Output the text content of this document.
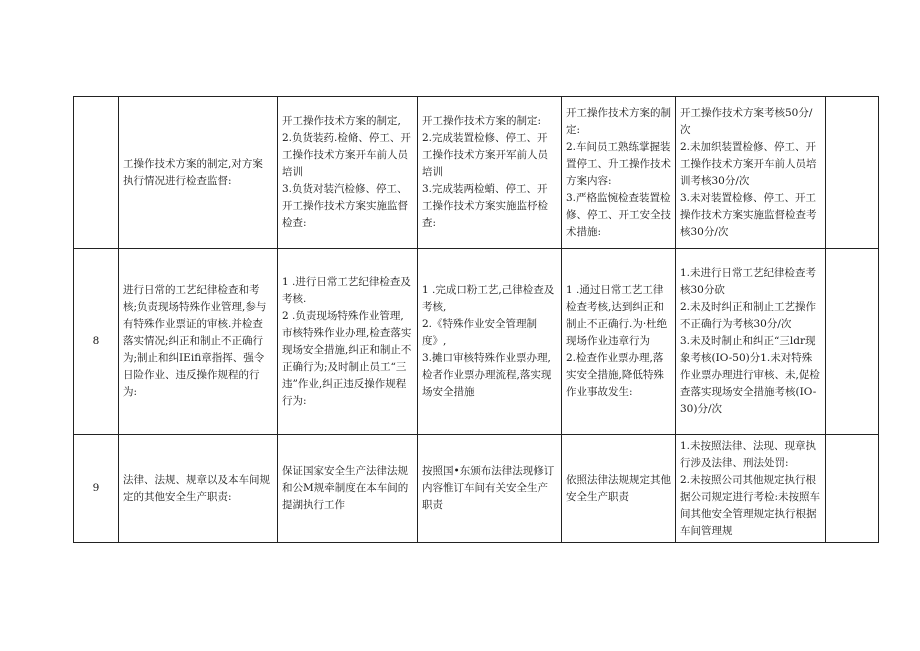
	工操作技术方案的制定,对方案执行情况进行检查监督:	开工操作技术方案的制定,
2.负货装药.检脩、停工、开工操作技术方案开车前人员培训
3.负货对装汽检修、停工、开工操作技术方案实施监督检查:	开工操作技术方案的制定:
2.完成装置检修、停工、开工操作技术方案开军前人员培训
3.完成装两检蛸、停工、开工操作技术方案实施监杼检查:	开工操作技术方案的制定:
2.车间员工熟练掌握装置停工、升工操作技术方案内容:
3.严格监惋检查装置检修、停工、开工安全技术措施:	开工操作技术方案考核50分/次
2.未加织装置检修、停工、开工操作技术方案开车前人员培训考核30分/次
3.未对装置检修、停工、开工操作技术方案实施监督检查考核30分/次	

8	进行日常的工艺纪律检查和考核;负责现场特殊作业管理,参与有特殊作业票证的审核.并检查落实情况;纠正和制止不正确行为;制止和纠IEifi章指挥、强令日险作业、违反操作规程的行为:	1 .进行日常工艺纪律检查及考核.
2 .负责现场特殊作业管理,市核特殊作业办理,检查落实现场安全措施,纠正和制止不正确行为;及时制止员工“三违”作业,纠正违反操作规程行为:	1 .完成口粉工艺,己律检查及考核,
2.《特殊作业安全管理制度》,
3.摊口审核特殊作业票办理,检者作业票办理流程,落实现场安全措施	1 .通过日常工艺工律检查考核,达到纠正和制止不正确行.为·杜绝现场作业违章行为
2.检查作业票办理,落实安全措施,降低特殊作业事故发生:	1.未进行日常工艺纪律检查考核30分砍
2.未及时纠正和制止工艺操作不正确行为考核30分/次
3.未及时制止和纠正“三ldr现象考核(IO-50)分1.未对特殊作业票办理进行审核、未,促检查落实现场安全措施考核(IO-30)分/次	

9	法律、法规、规章以及本车间规定的其他安全生产职责:	保证国家安全生产法律法规和公M规牵制度在本车间的提湖执行工作	按照国•东颁布法律法现修订内容惟订车间有关安全生产职责	依照法律法规规定其他安全生产职责	1.未按照法律、法现、现章执行涉及法律、刑法处罚:
2.未按照公司其他规定执行根据公司规定进行考检:未按照车间其他安全管理规定执行根据车间管理规	
